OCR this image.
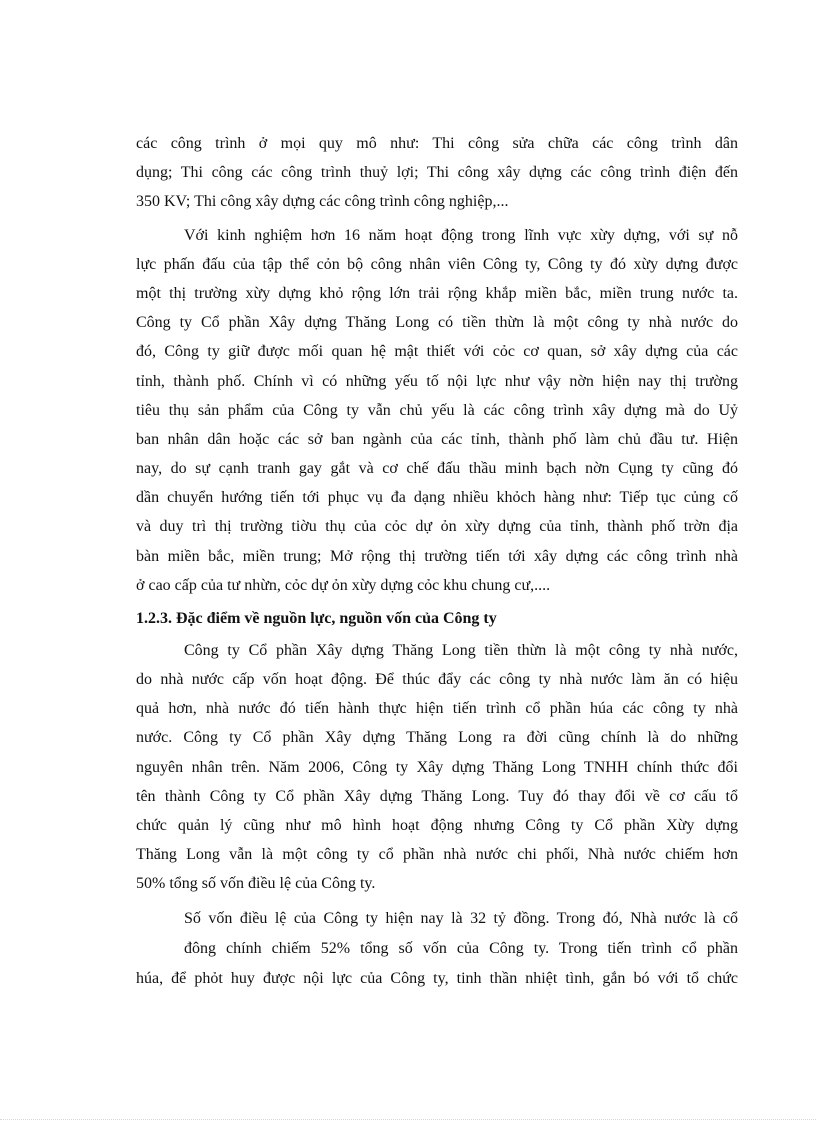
các công trình ở mọi quy mô như: Thi công sửa chữa các công trình dân
dụng; Thi công các công trình thuỷ lợi; Thi công xây dựng các công trình điện đến
350 KV; Thi công xây dựng các công trình công nghiệp,...
Với kinh nghiệm hơn 16 năm hoạt động trong lĩnh vực xừy dựng, với sự nỗ
lực phấn đấu của tập thể cỏn bộ công nhân viên Công ty, Công ty đó xừy dựng được
một thị trường xừy dựng khỏ rộng lớn trải rộng khắp miền bắc, miền trung nước ta.
Công ty Cổ phần Xây dựng Thăng Long có tiền thừn là một công ty nhà nước do
đó, Công ty giữ được mối quan hệ mật thiết với cỏc cơ quan, sở xây dựng của các
tỉnh, thành phố. Chính vì có những yếu tố nội lực như vậy nờn hiện nay thị trường
tiêu thụ sản phẩm của Công ty vẫn chủ yếu là các công trình xây dựng mà do Uỷ
ban nhân dân hoặc các sở ban ngành của các tỉnh, thành phố làm chủ đầu tư. Hiện
nay, do sự cạnh tranh gay gắt và cơ chế đấu thầu minh bạch nờn Cụng ty cũng đó
dần chuyển hướng tiến tới phục vụ đa dạng nhiều khỏch hàng như: Tiếp tục củng cố
và duy trì thị trường tiờu thụ của cỏc dự ỏn xừy dựng của tỉnh, thành phố trờn địa
bàn miền bắc, miền trung; Mở rộng thị trường tiến tới xây dựng các công trình nhà
ở cao cấp của tư nhừn, cỏc dự ỏn xừy dựng cỏc khu chung cư,....
1.2.3. Đặc điểm về nguồn lực, nguồn vốn của Công ty
Công ty Cổ phần Xây dựng Thăng Long tiền thừn là một công ty nhà nước,
do nhà nước cấp vốn hoạt động. Để thúc đẩy các công ty nhà nước làm ăn có hiệu
quả hơn, nhà nước đó tiến hành thực hiện tiến trình cổ phần húa các công ty nhà
nước. Công ty Cổ phần Xây dựng Thăng Long ra đời cũng chính là do những
nguyên nhân trên. Năm 2006, Công ty Xây dựng Thăng Long TNHH chính thức đổi
tên thành Công ty Cổ phần Xây dựng Thăng Long. Tuy đó thay đổi về cơ cấu tổ
chức quản lý cũng như mô hình hoạt động nhưng Công ty Cổ phần Xừy dựng
Thăng Long vẫn là một công ty cổ phần nhà nước chi phối, Nhà nước chiếm hơn
50% tổng số vốn điều lệ của Công ty.
Số vốn điều lệ của Công ty hiện nay là 32 tỷ đồng. Trong đó, Nhà nước là cổ
đông chính chiếm 52% tổng số vốn của Công ty. Trong tiến trình cổ phần
húa, để phỏt huy được nội lực của Công ty, tinh thần nhiệt tình, gắn bó với tổ chức
